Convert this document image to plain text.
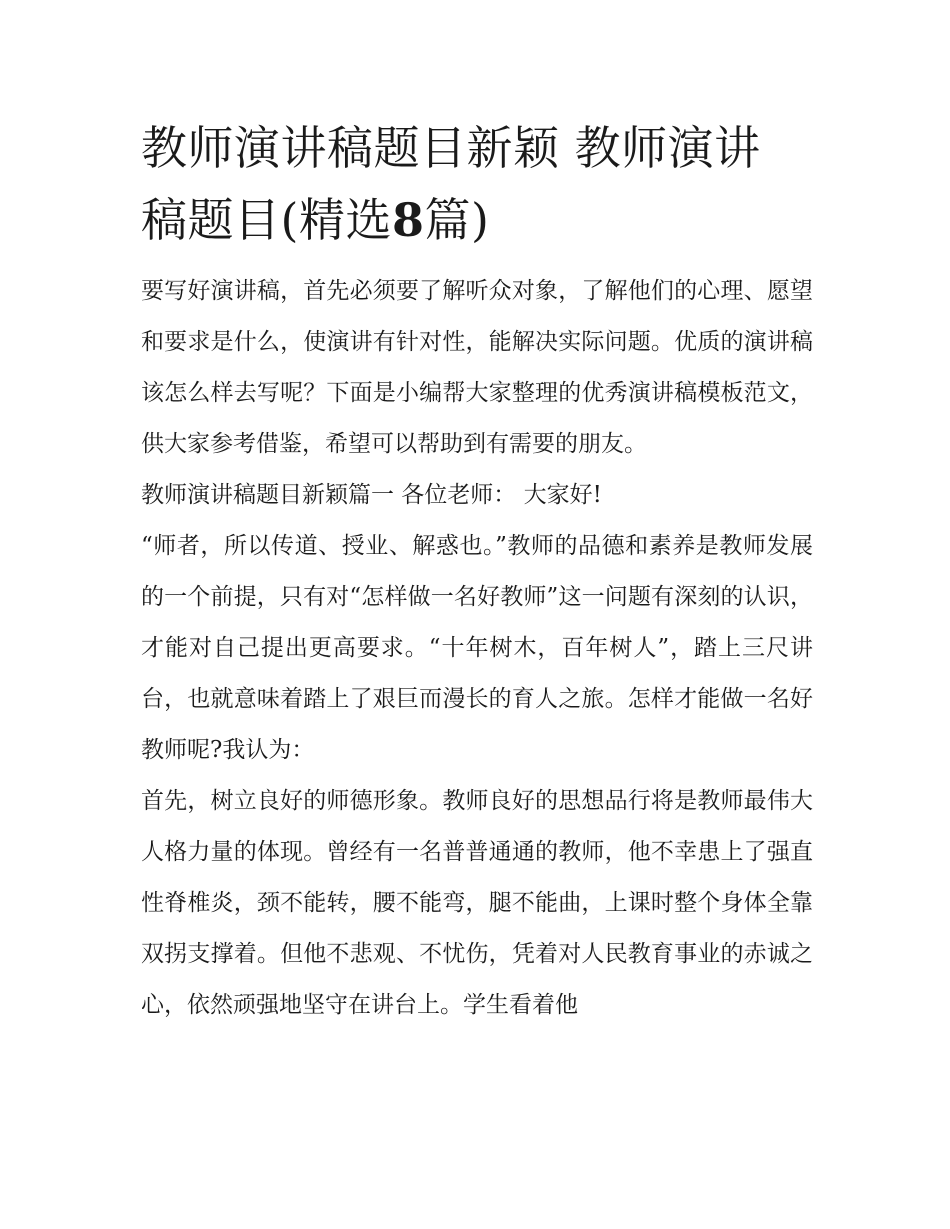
教师演讲稿题目新颖 教师演讲
稿题目(精选8篇)

要写好演讲稿，首先必须要了解听众对象，了解他们的心理、愿望和要求是什么，使演讲有针对性，能解决实际问题。优质的演讲稿该怎么样去写呢？下面是小编帮大家整理的优秀演讲稿模板范文，供大家参考借鉴，希望可以帮助到有需要的朋友。

教师演讲稿题目新颖篇一 各位老师： 大家好!

“师者，所以传道、授业、解惑也。”教师的品德和素养是教师发展的一个前提，只有对“怎样做一名好教师”这一问题有深刻的认识，才能对自己提出更高要求。“十年树木，百年树人”，踏上三尺讲台，也就意味着踏上了艰巨而漫长的育人之旅。怎样才能做一名好教师呢?我认为：

首先，树立良好的师德形象。教师良好的思想品行将是教师最伟大人格力量的体现。曾经有一名普普通通的教师，他不幸患上了强直性脊椎炎，颈不能转，腰不能弯，腿不能曲，上课时整个身体全靠双拐支撑着。但他不悲观、不忧伤，凭着对人民教育事业的赤诚之心，依然顽强地坚守在讲台上。学生看着他
